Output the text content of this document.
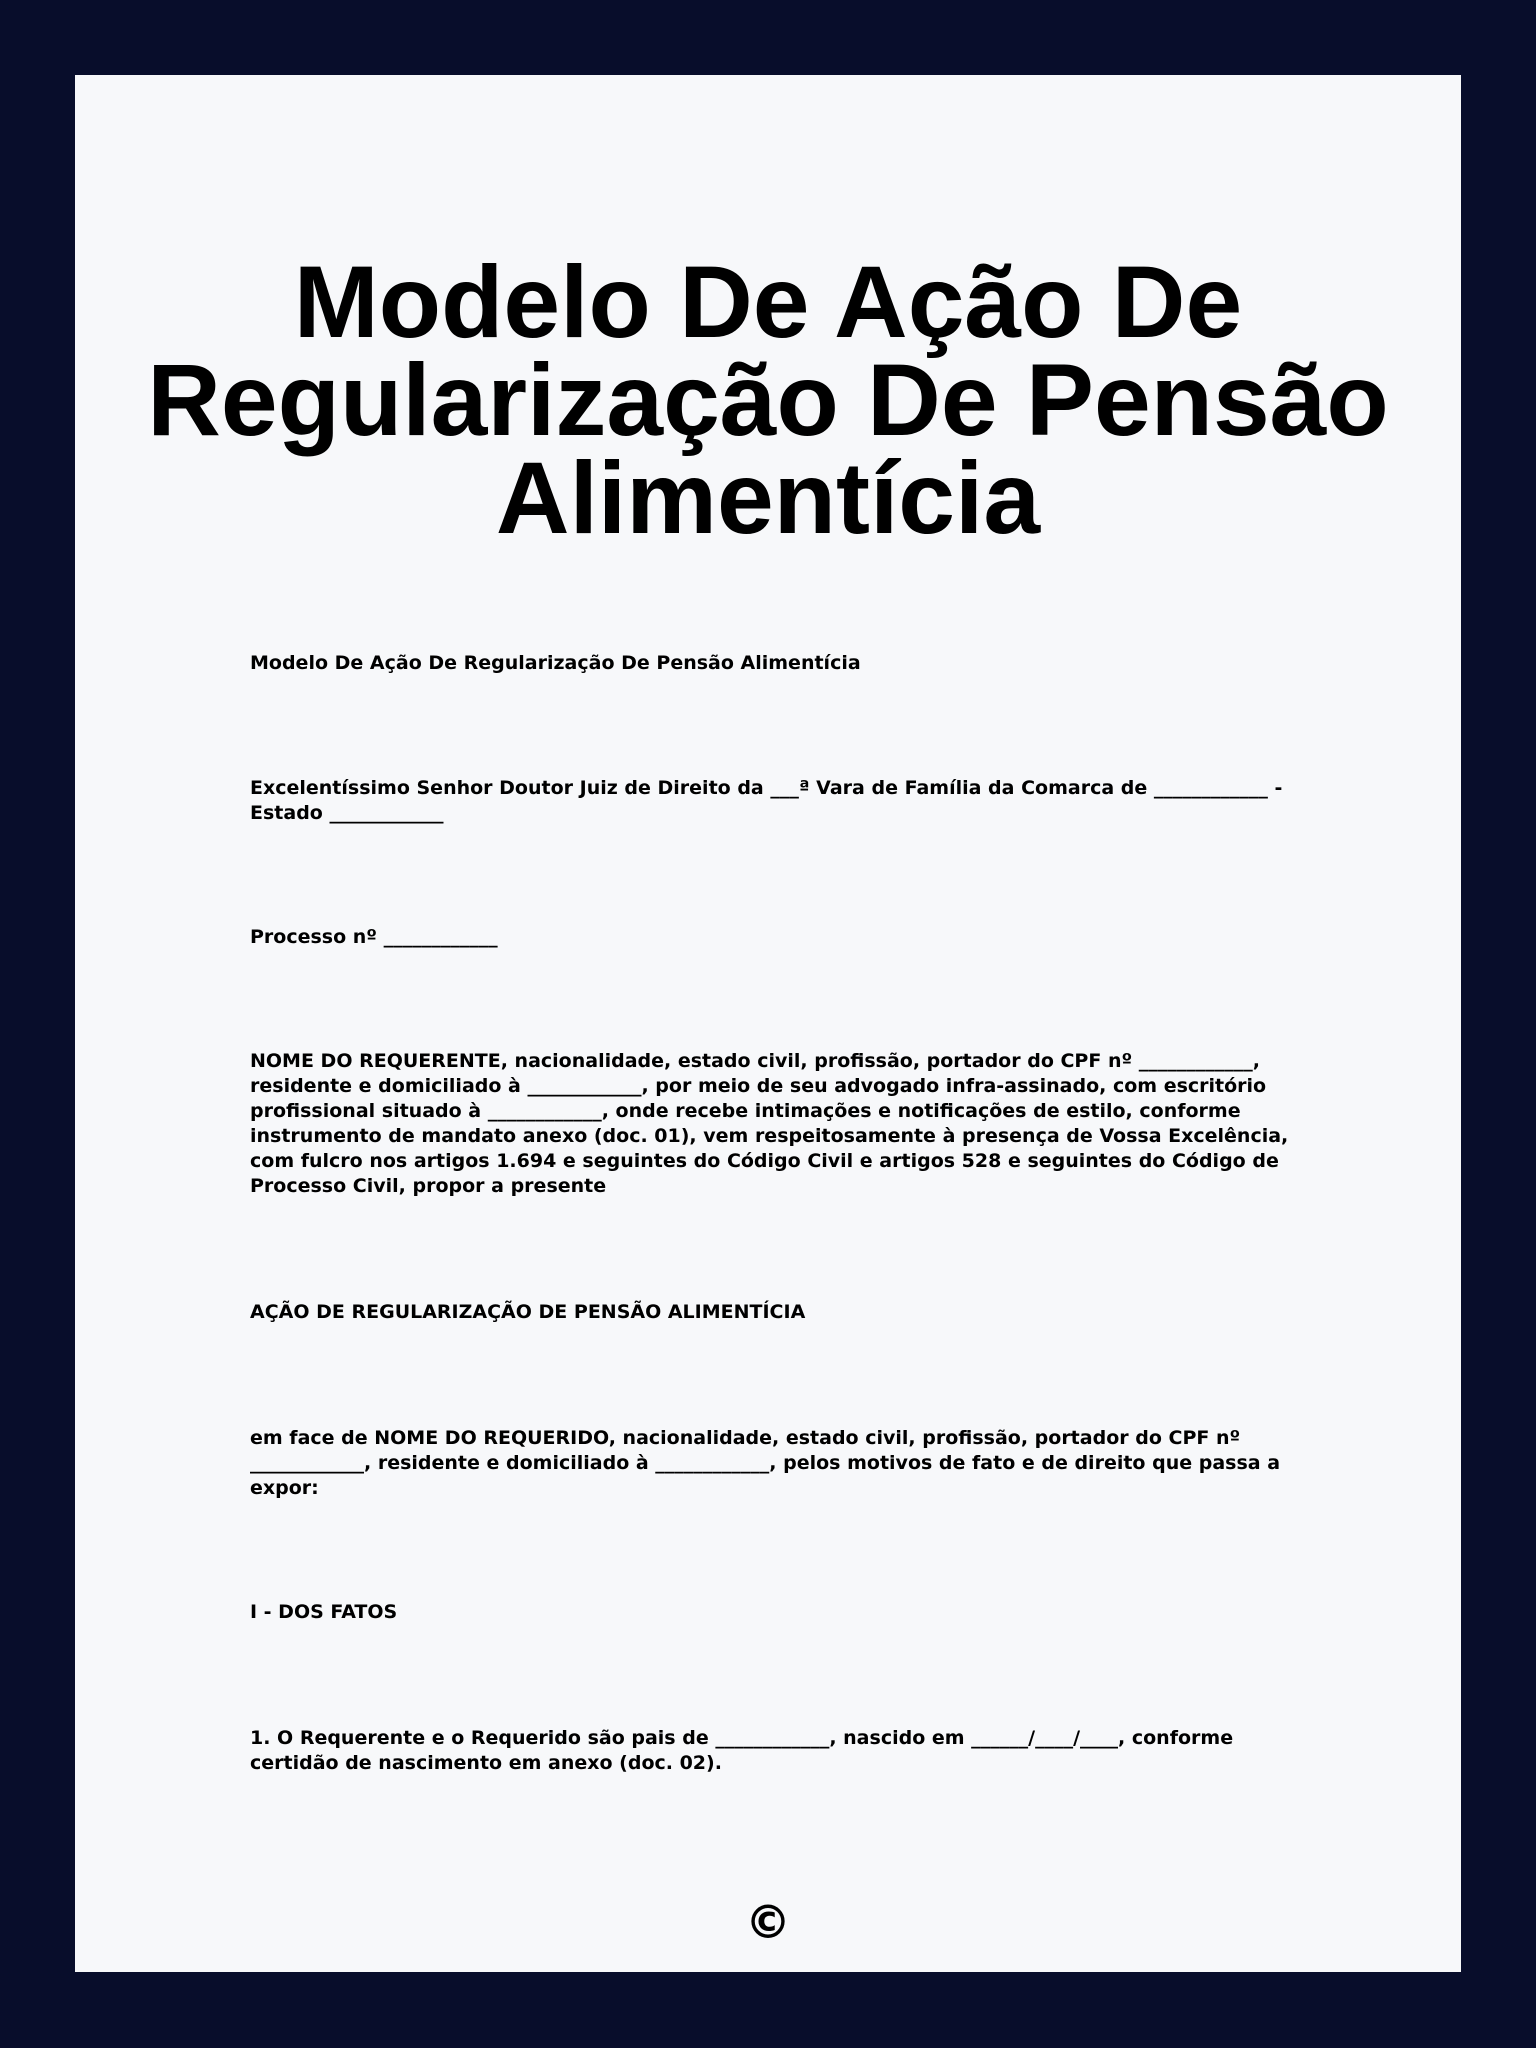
Modelo De Ação De Regularização De Pensão Alimentícia

Modelo De Ação De Regularização De Pensão Alimentícia

Excelentíssimo Senhor Doutor Juiz de Direito da ___ª Vara de Família da Comarca de ____________ - Estado ____________

Processo nº ____________

NOME DO REQUERENTE, nacionalidade, estado civil, profissão, portador do CPF nº ____________, residente e domiciliado à ____________, por meio de seu advogado infra-assinado, com escritório profissional situado à ____________, onde recebe intimações e notificações de estilo, conforme instrumento de mandato anexo (doc. 01), vem respeitosamente à presença de Vossa Excelência, com fulcro nos artigos 1.694 e seguintes do Código Civil e artigos 528 e seguintes do Código de Processo Civil, propor a presente

AÇÃO DE REGULARIZAÇÃO DE PENSÃO ALIMENTÍCIA

em face de NOME DO REQUERIDO, nacionalidade, estado civil, profissão, portador do CPF nº ____________, residente e domiciliado à ____________, pelos motivos de fato e de direito que passa a expor:

I - DOS FATOS

1. O Requerente e o Requerido são pais de ____________, nascido em ______/____/____, conforme certidão de nascimento em anexo (doc. 02).

©
